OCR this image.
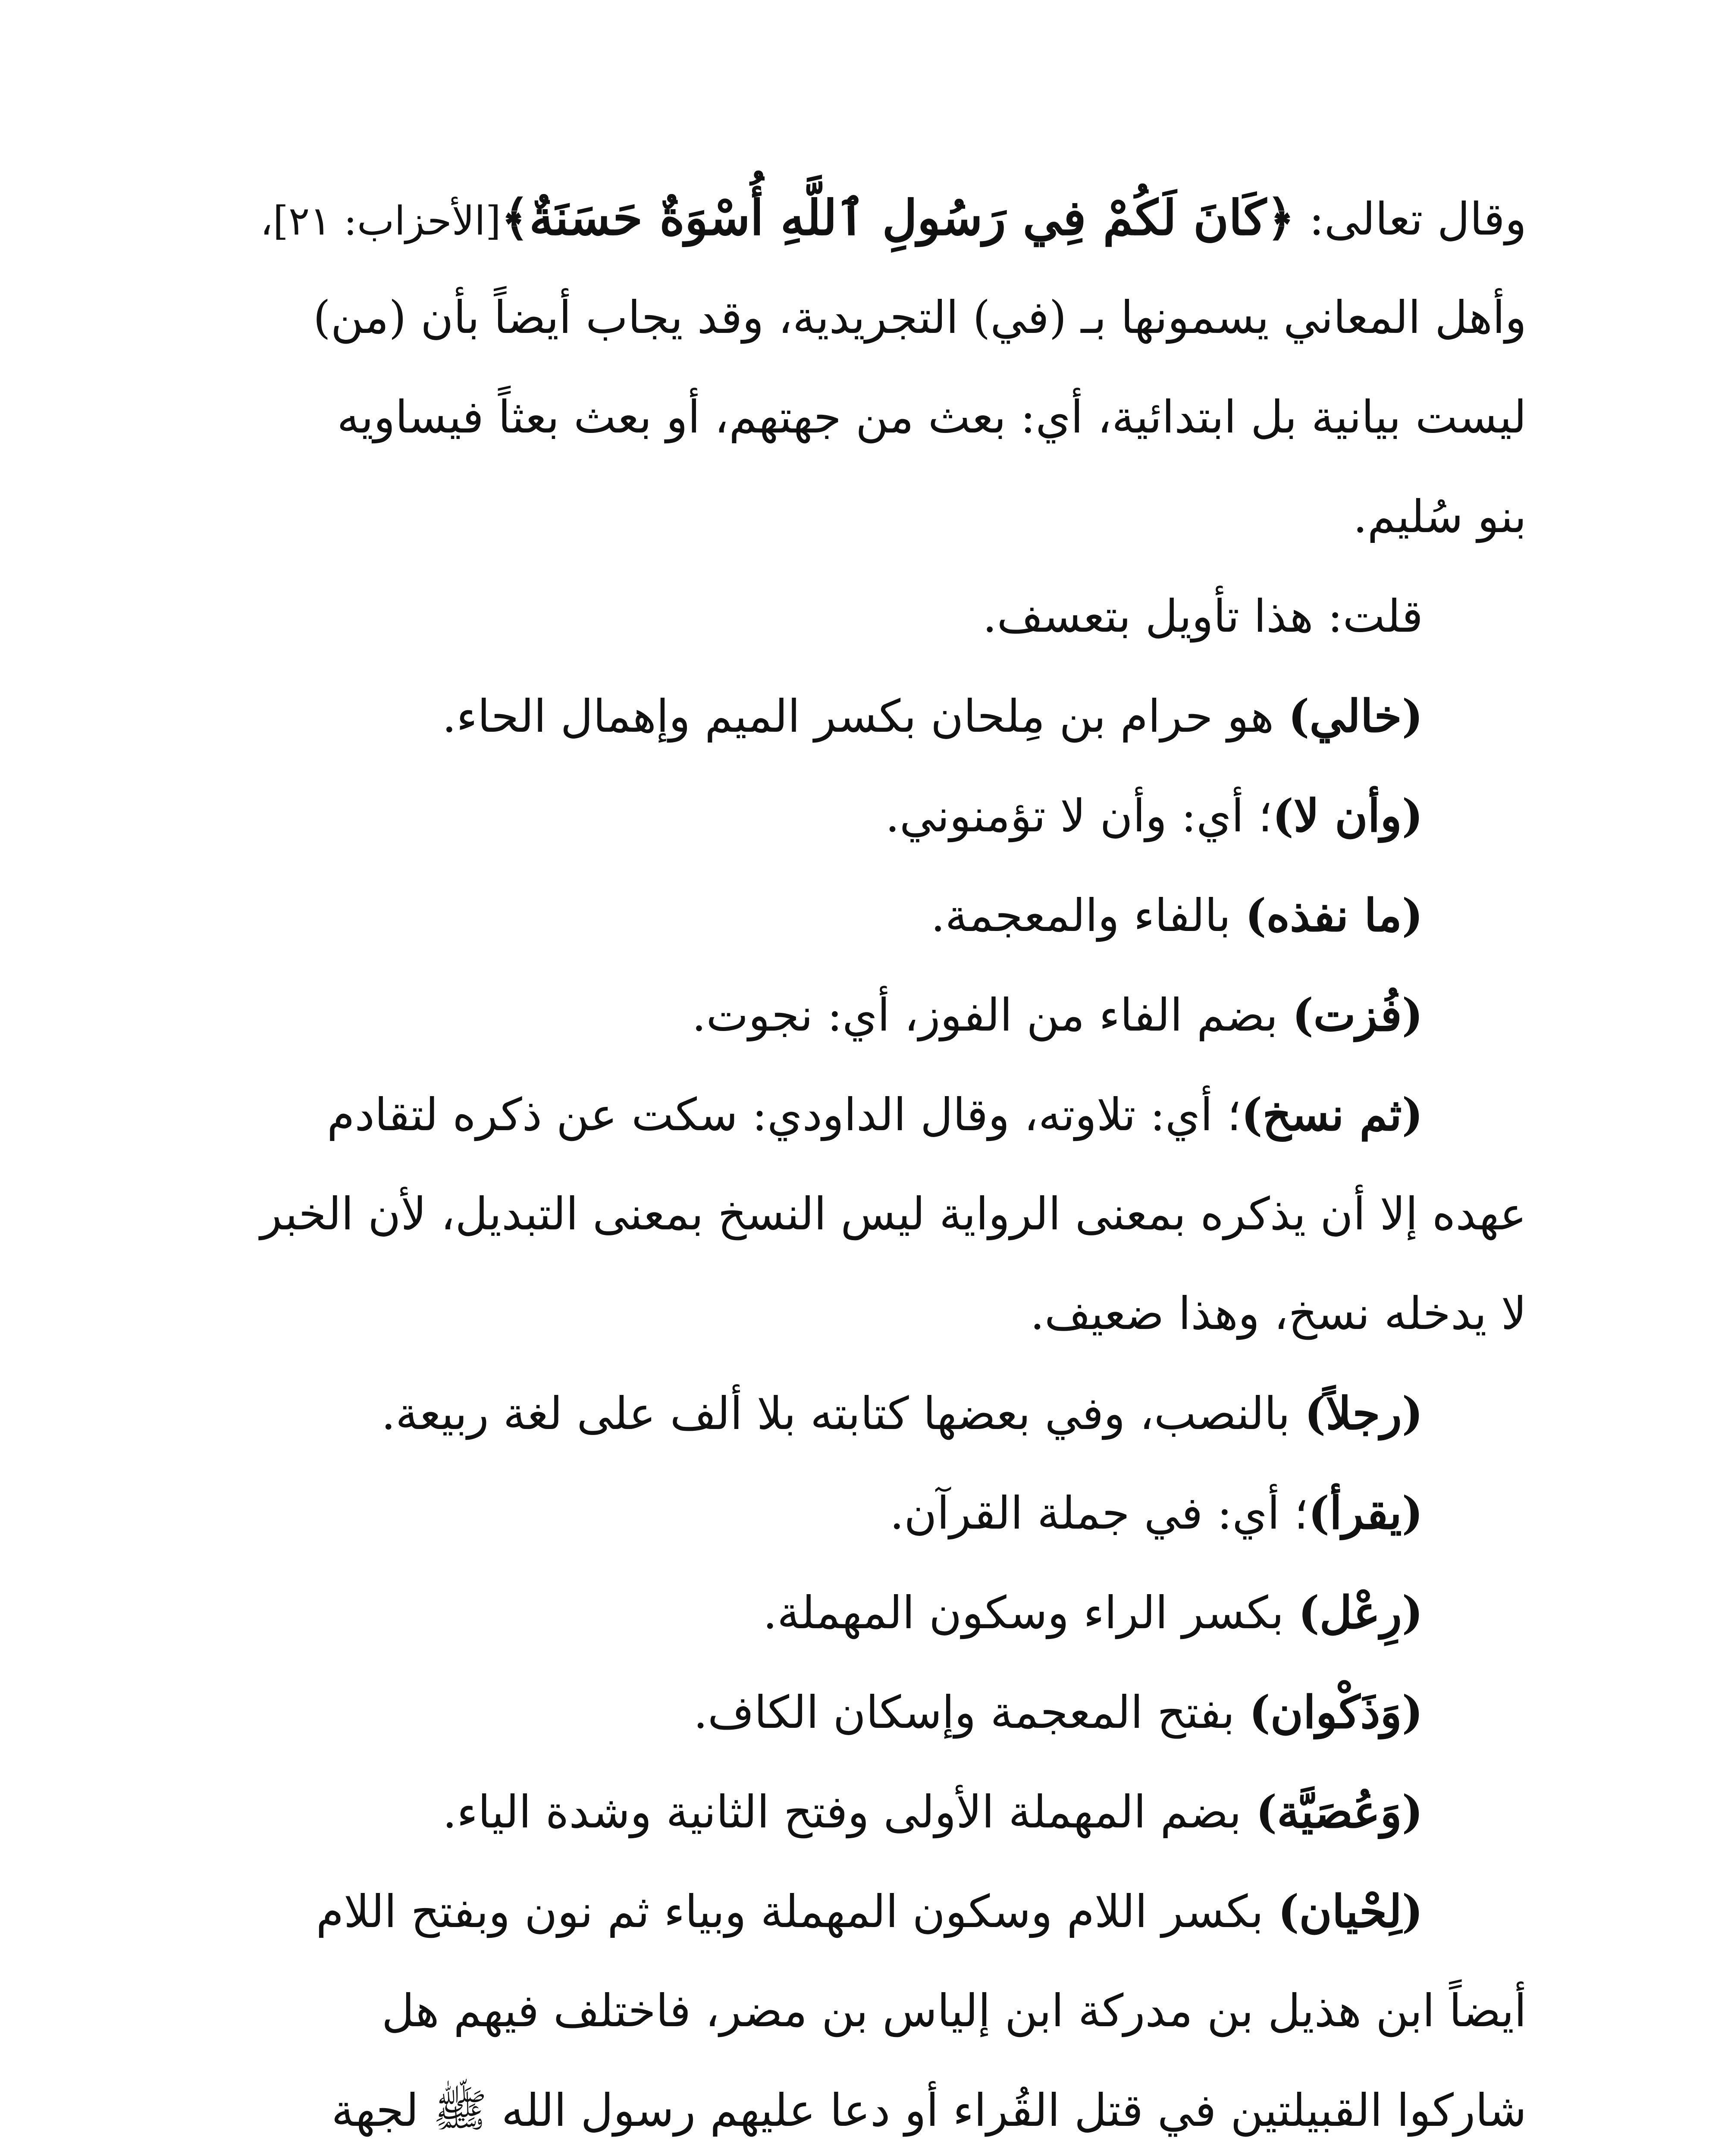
وقال تعالى: ﴿كَانَ لَكُمْ فِي رَسُولِ ٱللَّهِ أُسْوَةٌ حَسَنَةٌ﴾[الأحزاب: ٢١]،
وأهل المعاني يسمونها بـ (في) التجريدية، وقد يجاب أيضاً بأن (من)
ليست بيانية بل ابتدائية، أي: بعث من جهتهم، أو بعث بعثاً فيساويه
بنو سُليم.
قلت: هذا تأويل بتعسف.
(خالي) هو حرام بن مِلحان بكسر الميم وإهمال الحاء.
(وأن لا)؛ أي: وأن لا تؤمنوني.
(ما نفذه) بالفاء والمعجمة.
(فُزت) بضم الفاء من الفوز، أي: نجوت.
(ثم نسخ)؛ أي: تلاوته، وقال الداودي: سكت عن ذكره لتقادم
عهده إلا أن يذكره بمعنى الرواية ليس النسخ بمعنى التبديل، لأن الخبر
لا يدخله نسخ، وهذا ضعيف.
(رجلاً) بالنصب، وفي بعضها كتابته بلا ألف على لغة ربيعة.
(يقرأ)؛ أي: في جملة القرآن.
(رِعْل) بكسر الراء وسكون المهملة.
(وَذَكْوان) بفتح المعجمة وإسكان الكاف.
(وَعُصَيَّة) بضم المهملة الأولى وفتح الثانية وشدة الياء.
(لِحْيان) بكسر اللام وسكون المهملة وبياء ثم نون وبفتح اللام
أيضاً ابن هذيل بن مدركة ابن إلياس بن مضر، فاختلف فيهم هل
شاركوا القبيلتين في قتل القُراء أو دعا عليهم رسول الله ﷺ لجهة
